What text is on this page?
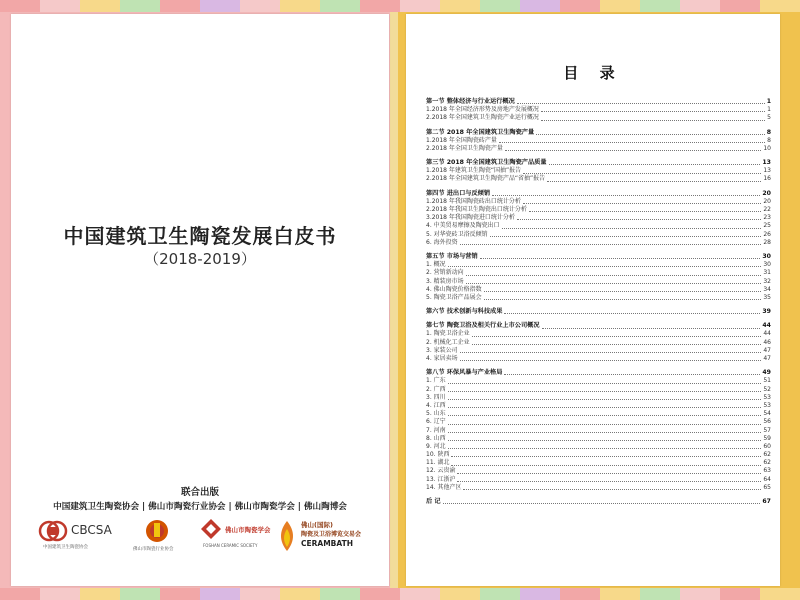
中国建筑卫生陶瓷发展白皮书
（2018-2019）
联合出版
中国建筑卫生陶瓷协会 | 佛山市陶瓷行业协会 | 佛山市陶瓷学会 | 佛山陶博会
CBCSA
中国建筑卫生陶瓷协会	佛山市陶瓷行业协会
佛山市陶瓷学会
FOSHAN CERAMIC SOCIETY
佛山(国际)
陶瓷及卫浴博览交易会
CERAMBATH
目 录
第一节 整体经济与行业运行概况	1
1.2018 年全国经济形势及房地产发展概况	1
2.2018 年全国建筑卫生陶瓷产业运行概况	5
第二节 2018 年全国建筑卫生陶瓷产量	8
1.2018 年全国陶瓷砖产量	8
2.2018 年全国卫生陶瓷产量	10
第三节 2018 年全国建筑卫生陶瓷产品质量	13
1.2018 年建筑卫生陶瓷“国抽”报告	13
2.2018 年全国建筑卫生陶瓷产品“省抽”报告	16
第四节 进出口与反倾销	20
1.2018 年我国陶瓷砖出口统计分析	20
2.2018 年我国卫生陶瓷出口统计分析	22
3.2018 年我国陶瓷进口统计分析	23
4. 中美贸易摩擦及陶瓷出口	25
5. 对华瓷砖卫浴反倾销	26
6. 海外投资	28
第五节 市场与营销	30
1. 概况	30
2. 营销新动向	31
3. 精装房市场	32
4. 佛山陶瓷价格指数	34
5. 陶瓷卫浴产品展会	35
第六节 技术创新与科技成果	39
第七节 陶瓷卫浴及相关行业上市公司概况	44
1. 陶瓷卫浴企业	44
2. 机械化工企业	46
3. 家装公司	47
4. 家居卖场	47
第八节 环保风暴与产业格局	49
1. 广东	51
2. 广西	52
3. 四川	53
4. 江西	53
5. 山东	54
6. 辽宁	56
7. 河南	57
8. 山西	59
9. 河北	60
10. 陕西	62
11. 湖北	62
12. 云贵渝	63
13. 江浙沪	64
14. 其他产区	65
后 记	67
